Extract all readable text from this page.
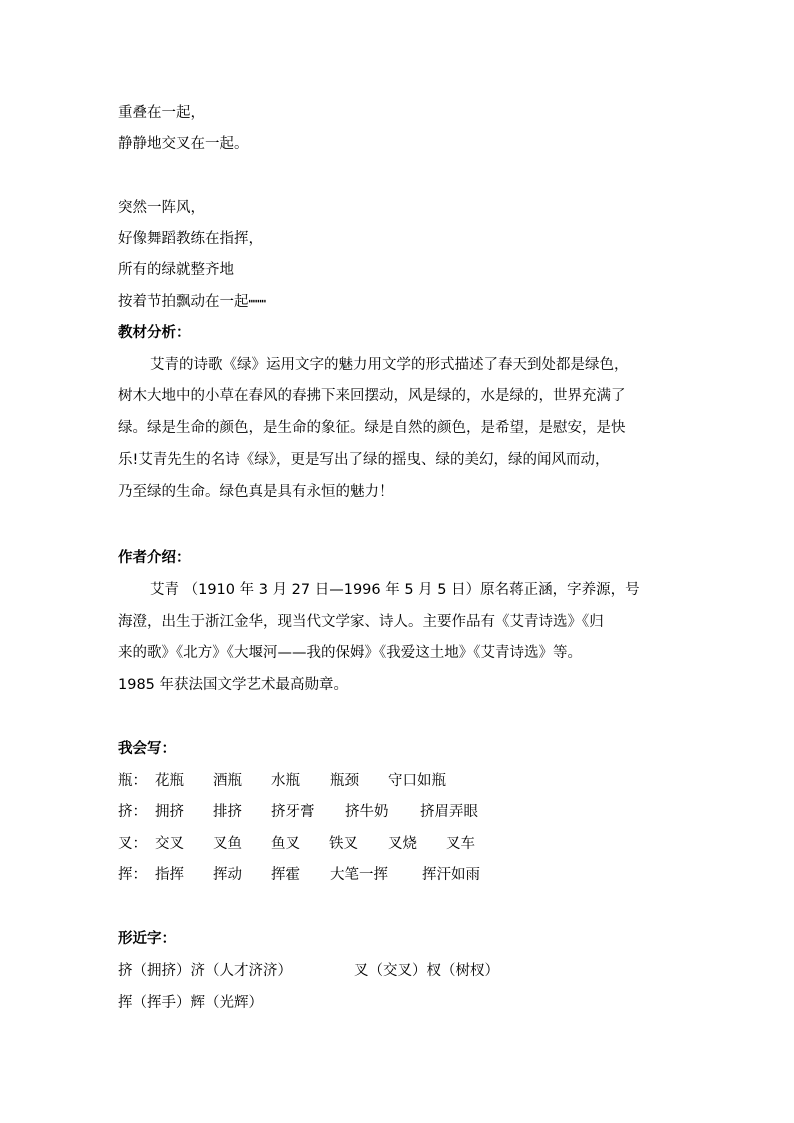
重叠在一起，
静静地交叉在一起。
突然一阵风，
好像舞蹈教练在指挥，
所有的绿就整齐地
按着节拍飘动在一起┉┉
教材分析：
艾青的诗歌《绿》运用文字的魅力用文学的形式描述了春天到处都是绿色，
树木大地中的小草在春风的春拂下来回摆动，风是绿的，水是绿的，世界充满了
绿。绿是生命的颜色，是生命的象征。绿是自然的颜色，是希望，是慰安，是快
乐!艾青先生的名诗《绿》，更是写出了绿的摇曳、绿的美幻，绿的闻风而动，
乃至绿的生命。绿色真是具有永恒的魅力！
作者介绍：
艾青 （1910 年 3 月 27 日—1996 年 5 月 5 日）原名蒋正涵，字养源，号
海澄，出生于浙江金华，现当代文学家、诗人。主要作品有《艾青诗选》《归
来的歌》《北方》《大堰河——我的保姆》《我爱这土地》《艾青诗选》等。
1985 年获法国文学艺术最高勋章。
我会写：
瓶： 花瓶 酒瓶 水瓶 瓶颈 守口如瓶
挤： 拥挤 排挤 挤牙膏 挤牛奶 挤眉弄眼
叉： 交叉 叉鱼 鱼叉 铁叉 叉烧 叉车
挥： 指挥 挥动 挥霍 大笔一挥 挥汗如雨
形近字：
挤（拥挤）济（人才济济）	叉（交叉）杈（树杈）
挥（挥手）辉（光辉）
